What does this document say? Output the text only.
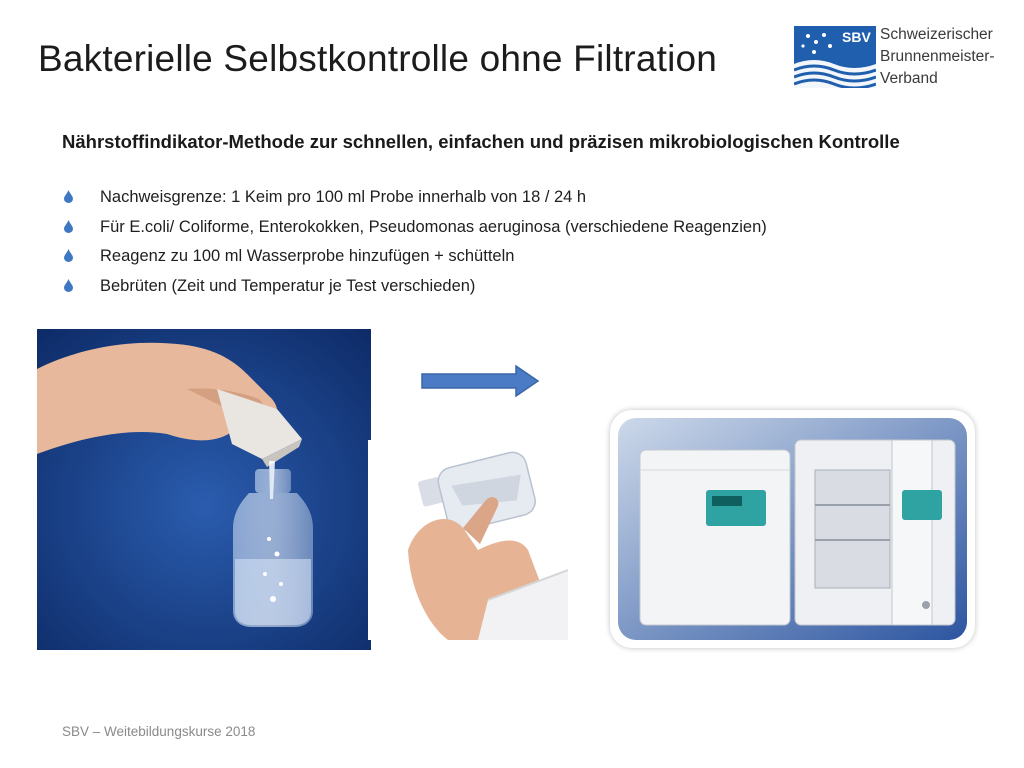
Bakterielle Selbstkontrolle ohne Filtration
SBV Schweizerischer
Brunnenmeister-
Verband
Nährstoffindikator-Methode zur schnellen, einfachen und präzisen mikrobiologischen Kontrolle
Nachweisgrenze: 1 Keim pro 100 ml Probe innerhalb von 18 / 24 h
Für E.coli/ Coliforme, Enterokokken, Pseudomonas aeruginosa (verschiedene Reagenzien)
Reagenz zu 100 ml Wasserprobe hinzufügen + schütteln
Bebrüten (Zeit und Temperatur je Test verschieden)
SBV – Weitebildungskurse 2018
